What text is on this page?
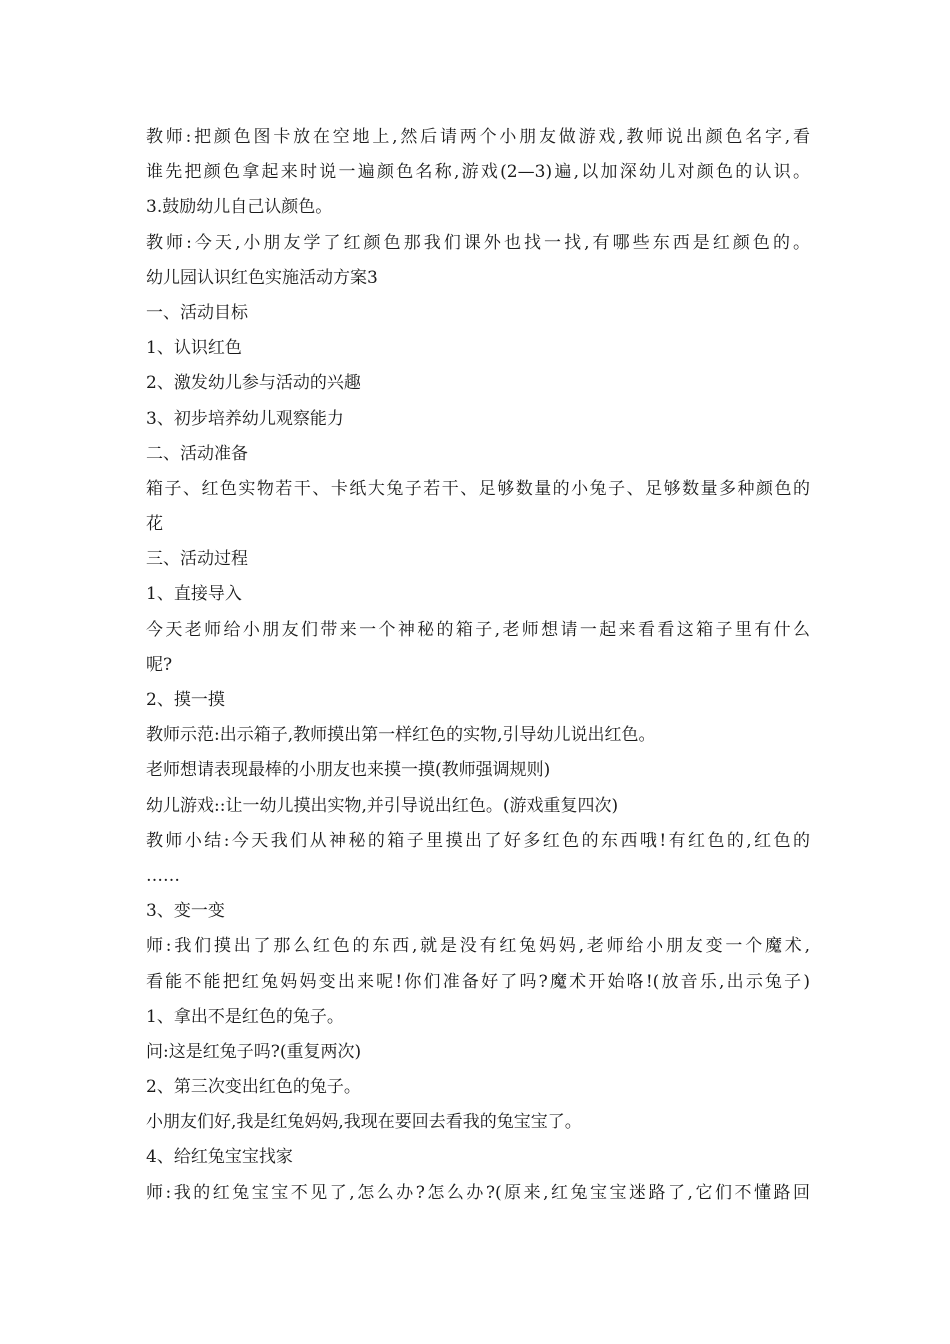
教师:把颜色图卡放在空地上,然后请两个小朋友做游戏,教师说出颜色名字,看
谁先把颜色拿起来时说一遍颜色名称,游戏(2—3)遍,以加深幼儿对颜色的认识。
3.鼓励幼儿自己认颜色。
教师:今天,小朋友学了红颜色那我们课外也找一找,有哪些东西是红颜色的。
幼儿园认识红色实施活动方案3
一、活动目标
1、认识红色
2、激发幼儿参与活动的兴趣
3、初步培养幼儿观察能力
二、活动准备
箱子、红色实物若干、卡纸大兔子若干、足够数量的小兔子、足够数量多种颜色的
花
三、活动过程
1、直接导入
今天老师给小朋友们带来一个神秘的箱子,老师想请一起来看看这箱子里有什么
呢?
2、摸一摸
教师示范:出示箱子,教师摸出第一样红色的实物,引导幼儿说出红色。
老师想请表现最棒的小朋友也来摸一摸(教师强调规则)
幼儿游戏::让一幼儿摸出实物,并引导说出红色。(游戏重复四次)
教师小结:今天我们从神秘的箱子里摸出了好多红色的东西哦!有红色的,红色的
……
3、变一变
师:我们摸出了那么红色的东西,就是没有红兔妈妈,老师给小朋友变一个魔术,
看能不能把红兔妈妈变出来呢!你们准备好了吗?魔术开始咯!(放音乐,出示兔子)
1、拿出不是红色的兔子。
问:这是红兔子吗?(重复两次)
2、第三次变出红色的兔子。
小朋友们好,我是红兔妈妈,我现在要回去看我的兔宝宝了。
4、给红兔宝宝找家
师:我的红兔宝宝不见了,怎么办?怎么办?(原来,红兔宝宝迷路了,它们不懂路回
